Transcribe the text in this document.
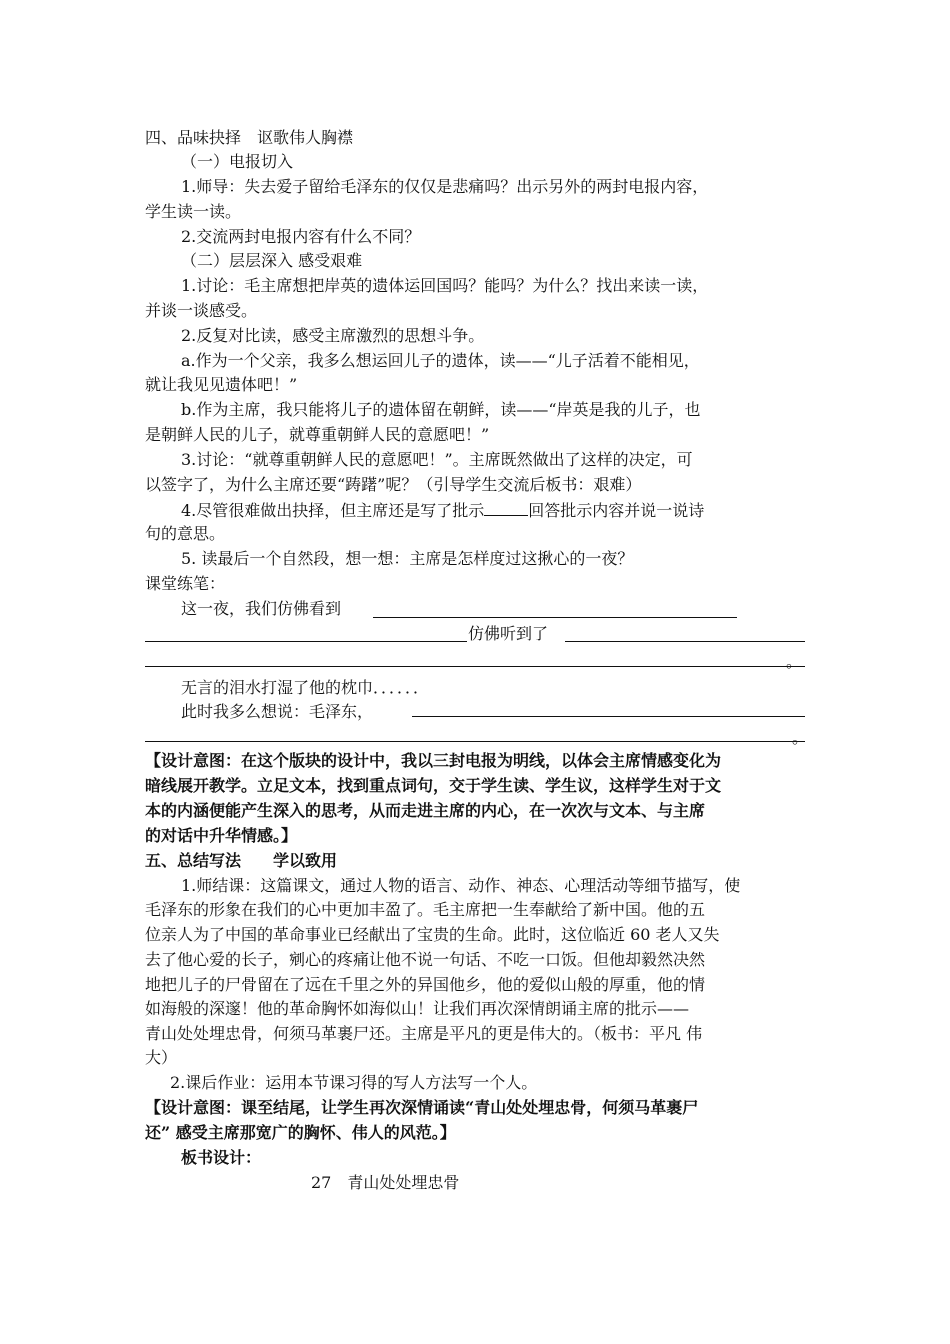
四、品味抉择　讴歌伟人胸襟
（一）电报切入
1.师导：失去爱子留给毛泽东的仅仅是悲痛吗？出示另外的两封电报内容，
学生读一读。
2.交流两封电报内容有什么不同？
（二）层层深入 感受艰难
1.讨论：毛主席想把岸英的遗体运回国吗？能吗？为什么？找出来读一读，
并谈一谈感受。
2.反复对比读，感受主席激烈的思想斗争。
a.作为一个父亲，我多么想运回儿子的遗体，读——“儿子活着不能相见，
就让我见见遗体吧！”
b.作为主席，我只能将儿子的遗体留在朝鲜，读——“岸英是我的儿子，也
是朝鲜人民的儿子，就尊重朝鲜人民的意愿吧！”
3.讨论：“就尊重朝鲜人民的意愿吧！”。主席既然做出了这样的决定，可
以签字了，为什么主席还要“踌躇”呢？（引导学生交流后板书：艰难）
4.尽管很难做出抉择，但主席还是写了批示	回答批示内容并说一说诗
句的意思。
5. 读最后一个自然段，想一想：主席是怎样度过这揪心的一夜？
课堂练笔：
这一夜，我们仿佛看到
仿佛听到了
。
无言的泪水打湿了他的枕巾．．．．．．
此时我多么想说：毛泽东，
。
【设计意图：在这个版块的设计中，我以三封电报为明线，以体会主席情感变化为
暗线展开教学。立足文本，找到重点词句，交于学生读、学生议，这样学生对于文
本的内涵便能产生深入的思考，从而走进主席的内心，在一次次与文本、与主席
的对话中升华情感。】
五、总结写法　　学以致用
1.师结课：这篇课文，通过人物的语言、动作、神态、心理活动等细节描写，使
毛泽东的形象在我们的心中更加丰盈了。毛主席把一生奉献给了新中国。他的五
位亲人为了中国的革命事业已经献出了宝贵的生命。此时，这位临近 60 老人又失
去了他心爱的长子，剜心的疼痛让他不说一句话、不吃一口饭。但他却毅然决然
地把儿子的尸骨留在了远在千里之外的异国他乡，他的爱似山般的厚重，他的情
如海般的深邃！他的革命胸怀如海似山！让我们再次深情朗诵主席的批示——
青山处处埋忠骨，何须马革裹尸还。主席是平凡的更是伟大的。（板书：平凡 伟
大）
2.课后作业：运用本节课习得的写人方法写一个人。
【设计意图：课至结尾，让学生再次深情诵读“青山处处埋忠骨，何须马革裹尸
还” 感受主席那宽广的胸怀、伟人的风范。】
板书设计：
27　青山处处埋忠骨
